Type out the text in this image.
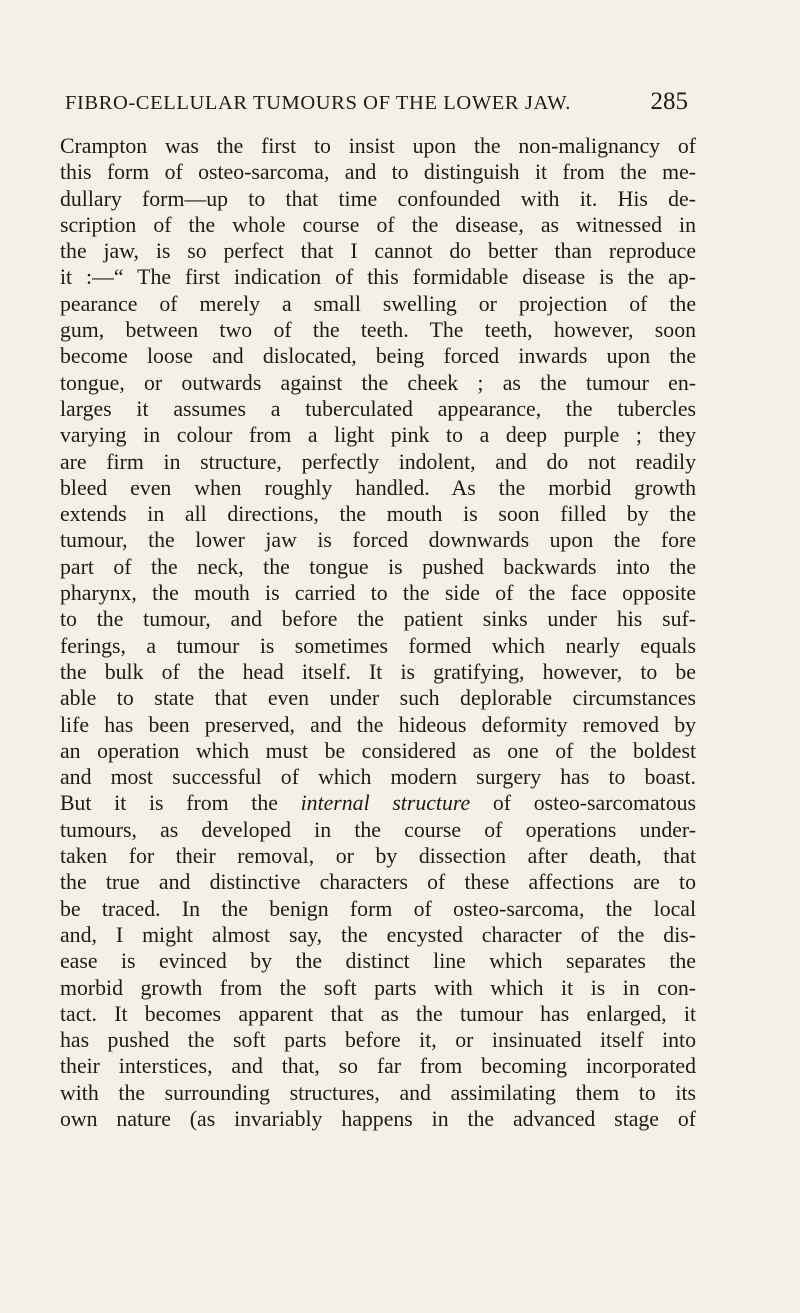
FIBRO-CELLULAR TUMOURS OF THE LOWER JAW.	285
Crampton was the first to insist upon the non-malignancy of
this form of osteo-sarcoma, and to distinguish it from the me-
dullary form—up to that time confounded with it. His de-
scription of the whole course of the disease, as witnessed in
the jaw, is so perfect that I cannot do better than reproduce
it :—“ The first indication of this formidable disease is the ap-
pearance of merely a small swelling or projection of the
gum, between two of the teeth. The teeth, however, soon
become loose and dislocated, being forced inwards upon the
tongue, or outwards against the cheek ; as the tumour en-
larges it assumes a tuberculated appearance, the tubercles
varying in colour from a light pink to a deep purple ; they
are firm in structure, perfectly indolent, and do not readily
bleed even when roughly handled. As the morbid growth
extends in all directions, the mouth is soon filled by the
tumour, the lower jaw is forced downwards upon the fore
part of the neck, the tongue is pushed backwards into the
pharynx, the mouth is carried to the side of the face opposite
to the tumour, and before the patient sinks under his suf-
ferings, a tumour is sometimes formed which nearly equals
the bulk of the head itself. It is gratifying, however, to be
able to state that even under such deplorable circumstances
life has been preserved, and the hideous deformity removed by
an operation which must be considered as one of the boldest
and most successful of which modern surgery has to boast.
But it is from the internal structure of osteo-sarcomatous
tumours, as developed in the course of operations under-
taken for their removal, or by dissection after death, that
the true and distinctive characters of these affections are to
be traced. In the benign form of osteo-sarcoma, the local
and, I might almost say, the encysted character of the dis-
ease is evinced by the distinct line which separates the
morbid growth from the soft parts with which it is in con-
tact. It becomes apparent that as the tumour has enlarged, it
has pushed the soft parts before it, or insinuated itself into
their interstices, and that, so far from becoming incorporated
with the surrounding structures, and assimilating them to its
own nature (as invariably happens in the advanced stage of
